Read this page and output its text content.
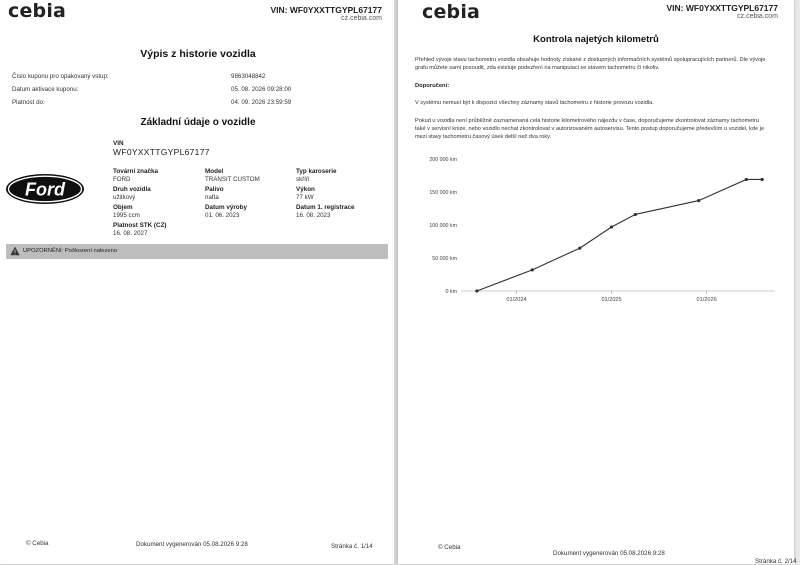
cebia	VIN: WF0YXXTTGYPL67177
cz.cebia.com
Výpis z historie vozidla
Číslo kuponu pro opakovaný vstup:	9863048842
Datum aktivace kuponu:	05. 08. 2026 09:28:00
Platnost do:	04. 09. 2026 23:59:59
Základní údaje o vozidle
VIN
WF0YXXTTGYPL67177
Ford
Tovární značka
FORD
Model
TRANSIT CUSTOM
Typ karoserie
skříň
Druh vozidla
užitkový
Palivo
nafta
Výkon
77 kW
Objem
1995 ccm
Datum výroby
01. 06. 2023
Datum 1. registrace
16. 08. 2023
Platnost STK (CZ)
16. 08. 2027
UPOZORNĚNÍ: Poškození nalezeno
© Cebia	Dokument vygenerován 05.08.2026 9:28	Stránka č. 1/14
cebia	VIN: WF0YXXTTGYPL67177
cz.cebia.com
Kontrola najetých kilometrů
Přehled vývoje stavu tachometru vozidla obsahuje hodnoty získané z dostupných informačních systémů spolupracujících partnerů. Dle vývoje grafu můžete sami posoudit, zda existuje podezření na manipulaci se stavem tachometru či nikoliv.
Doporučení:
V systému nemusí být k dispozici všechny záznamy stavů tachometru z historie provozu vozidla.
Pokud u vozidla není průběžně zaznamenaná celá historie kilometrového nájezdu v čase, doporučujeme zkontrolovat záznamy tachometru také v servisní knize, nebo vozidlo nechat zkontrolovat v autorizovaném autoservisu. Tento postup doporučujeme především u vozidel, kde je mezi stavy tachometru časový úsek delší než dva roky.
0 km
50 000 km
100 000 km
150 000 km
200 000 km
01/2024	01/2025	01/2026
© Cebia
Dokument vygenerován 05.08.2026 9:28
Stránka č. 2/14
